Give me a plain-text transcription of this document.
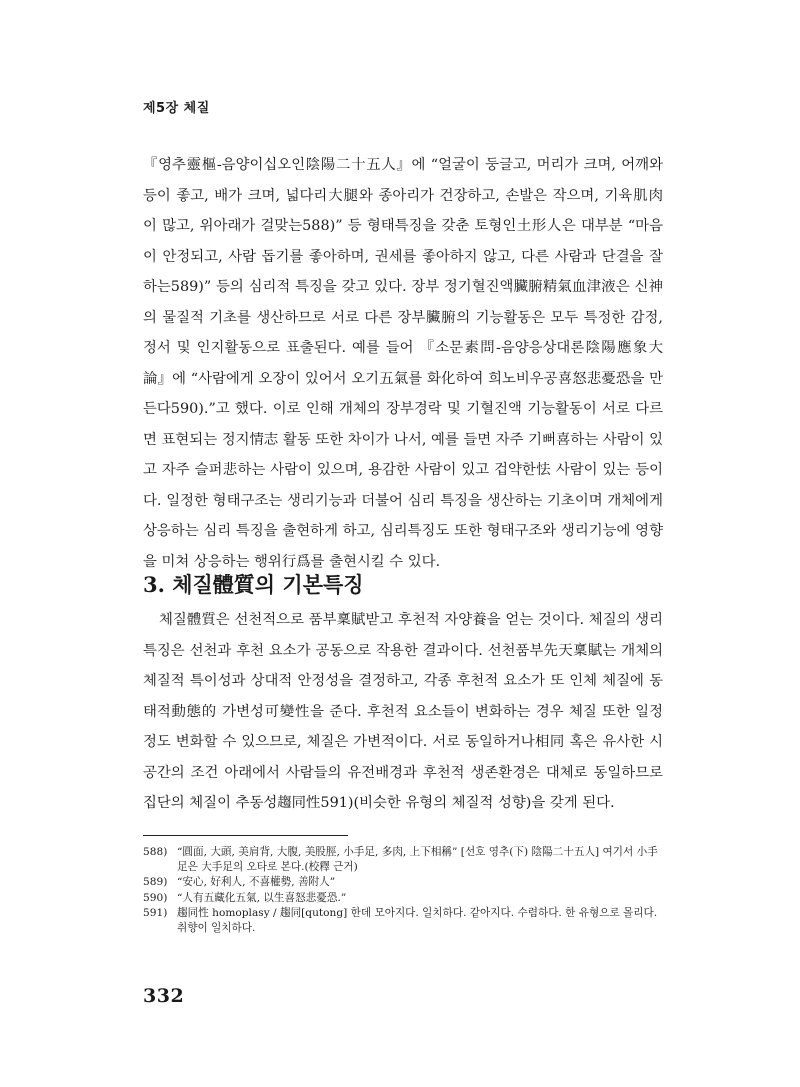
제5장 체질

『영추靈樞-음양이십오인陰陽二十五人』에 “얼굴이 둥글고, 머리가 크며, 어깨와 등이 좋고, 배가 크며, 넓다리大腿와 종아리가 건장하고, 손발은 작으며, 기육肌肉이 많고, 위아래가 걸맞는588)” 등 형태특징을 갖춘 토형인土形人은 대부분 “마음이 안정되고, 사람 돕기를 좋아하며, 권세를 좋아하지 않고, 다른 사람과 단결을 잘 하는589)” 등의 심리적 특징을 갖고 있다. 장부 정기혈진액臟腑精氣血津液은 신神의 물질적 기초를 생산하므로 서로 다른 장부臟腑의 기능활동은 모두 특정한 감정, 정서 및 인지활동으로 표출된다. 예를 들어 『소문素問-음양응상대론陰陽應象大論』에 “사람에게 오장이 있어서 오기五氣를 화化하여 희노비우공喜怒悲憂恐을 만든다590).”고 했다. 이로 인해 개체의 장부경락 및 기혈진액 기능활동이 서로 다르면 표현되는 정지情志 활동 또한 차이가 나서, 예를 들면 자주 기뻐喜하는 사람이 있고 자주 슬퍼悲하는 사람이 있으며, 용감한 사람이 있고 겁약한怯 사람이 있는 등이다. 일정한 형태구조는 생리기능과 더불어 심리 특징을 생산하는 기초이며 개체에게 상응하는 심리 특징을 출현하게 하고, 심리특징도 또한 형태구조와 생리기능에 영향을 미쳐 상응하는 행위行爲를 출현시킬 수 있다.

3. 체질體質의 기본특징

체질體質은 선천적으로 품부稟賦받고 후천적 자양養을 얻는 것이다. 체질의 생리특징은 선천과 후천 요소가 공동으로 작용한 결과이다. 선천품부先天稟賦는 개체의 체질적 특이성과 상대적 안정성을 결정하고, 각종 후천적 요소가 또 인체 체질에 동태적動態的 가변성可變性을 준다. 후천적 요소들이 변화하는 경우 체질 또한 일정 정도 변화할 수 있으므로, 체질은 가변적이다. 서로 동일하거나相同 혹은 유사한 시공간의 조건 아래에서 사람들의 유전배경과 후천적 생존환경은 대체로 동일하므로 집단의 체질이 추동성趨同性591)(비슷한 유형의 체질적 성향)을 갖게 된다.

588) “圓面, 大頭, 美肩背, 大腹, 美股脛, 小手足, 多肉, 上下相稱” [선호 영추(下) 陰陽二十五人] 여기서 小手足은 大手足의 오타로 본다.(校釋 근거)
589) “安心, 好利人, 不喜權勢, 善附人”
590) “人有五藏化五氣, 以生喜怒悲憂恐.”
591) 趨同性 homoplasy / 趨同[qutong] 한데 모아지다. 일치하다. 같아지다. 수렴하다. 한 유형으로 몰리다. 취향이 일치하다.
332
